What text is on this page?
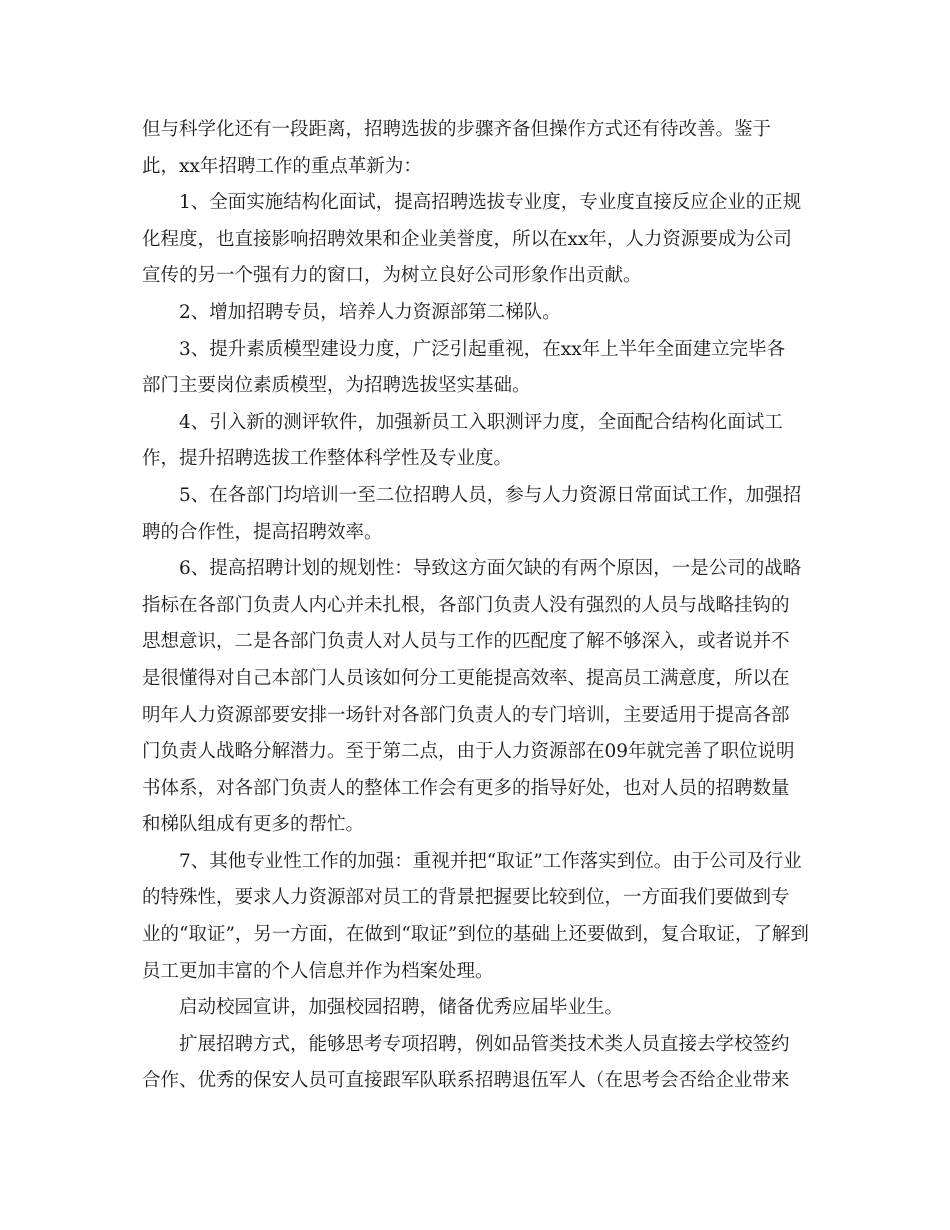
但与科学化还有一段距离，招聘选拔的步骤齐备但操作方式还有待改善。鉴于
此，xx年招聘工作的重点革新为：
1、全面实施结构化面试，提高招聘选拔专业度，专业度直接反应企业的正规
化程度，也直接影响招聘效果和企业美誉度，所以在xx年，人力资源要成为公司
宣传的另一个强有力的窗口，为树立良好公司形象作出贡献。
2、增加招聘专员，培养人力资源部第二梯队。
3、提升素质模型建设力度，广泛引起重视，在xx年上半年全面建立完毕各
部门主要岗位素质模型，为招聘选拔坚实基础。
4、引入新的测评软件，加强新员工入职测评力度，全面配合结构化面试工
作，提升招聘选拔工作整体科学性及专业度。
5、在各部门均培训一至二位招聘人员，参与人力资源日常面试工作，加强招
聘的合作性，提高招聘效率。
6、提高招聘计划的规划性：导致这方面欠缺的有两个原因，一是公司的战略
指标在各部门负责人内心并未扎根，各部门负责人没有强烈的人员与战略挂钩的
思想意识，二是各部门负责人对人员与工作的匹配度了解不够深入，或者说并不
是很懂得对自己本部门人员该如何分工更能提高效率、提高员工满意度，所以在
明年人力资源部要安排一场针对各部门负责人的专门培训，主要适用于提高各部
门负责人战略分解潜力。至于第二点，由于人力资源部在09年就完善了职位说明
书体系，对各部门负责人的整体工作会有更多的指导好处，也对人员的招聘数量
和梯队组成有更多的帮忙。
7、其他专业性工作的加强：重视并把“取证”工作落实到位。由于公司及行业
的特殊性，要求人力资源部对员工的背景把握要比较到位，一方面我们要做到专
业的“取证”，另一方面，在做到“取证”到位的基础上还要做到，复合取证，了解到
员工更加丰富的个人信息并作为档案处理。
启动校园宣讲，加强校园招聘，储备优秀应届毕业生。
扩展招聘方式，能够思考专项招聘，例如品管类技术类人员直接去学校签约
合作、优秀的保安人员可直接跟军队联系招聘退伍军人（在思考会否给企业带来
